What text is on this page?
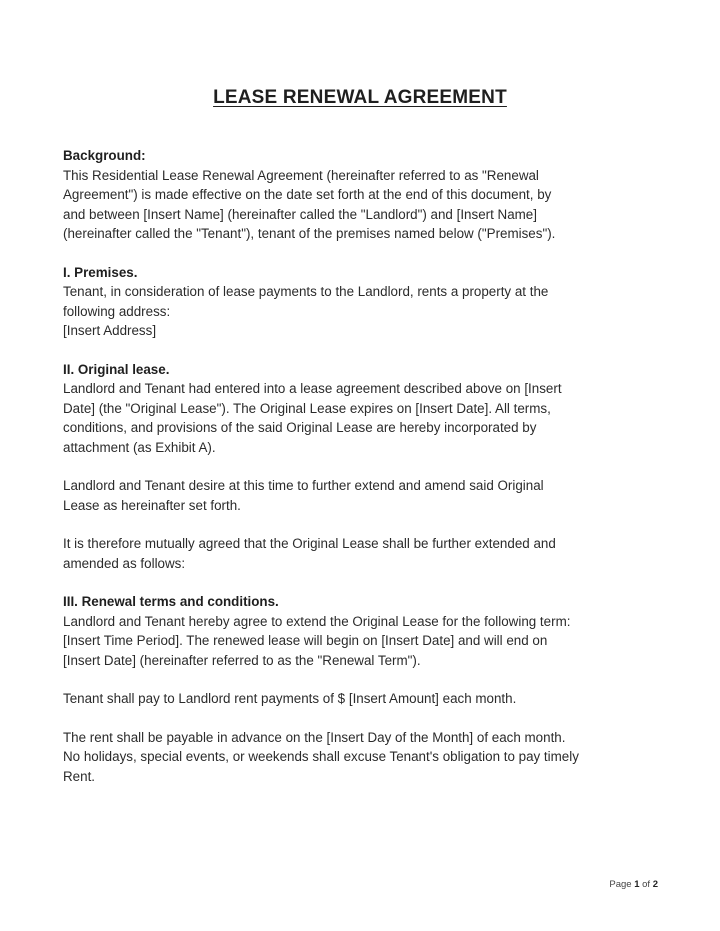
LEASE RENEWAL AGREEMENT
Background:
This Residential Lease Renewal Agreement (hereinafter referred to as "Renewal
Agreement") is made effective on the date set forth at the end of this document, by
and between [Insert Name] (hereinafter called the "Landlord") and [Insert Name]
(hereinafter called the "Tenant"), tenant of the premises named below ("Premises").
I. Premises.
Tenant, in consideration of lease payments to the Landlord, rents a property at the
following address:
[Insert Address]
II. Original lease.
Landlord and Tenant had entered into a lease agreement described above on [Insert
Date] (the "Original Lease"). The Original Lease expires on [Insert Date]. All terms,
conditions, and provisions of the said Original Lease are hereby incorporated by
attachment (as Exhibit A).
Landlord and Tenant desire at this time to further extend and amend said Original
Lease as hereinafter set forth.
It is therefore mutually agreed that the Original Lease shall be further extended and
amended as follows:
III. Renewal terms and conditions.
Landlord and Tenant hereby agree to extend the Original Lease for the following term:
[Insert Time Period]. The renewed lease will begin on [Insert Date] and will end on
[Insert Date] (hereinafter referred to as the "Renewal Term").
Tenant shall pay to Landlord rent payments of $ [Insert Amount] each month.
The rent shall be payable in advance on the [Insert Day of the Month] of each month.
No holidays, special events, or weekends shall excuse Tenant's obligation to pay timely
Rent.
Page 1 of 2
